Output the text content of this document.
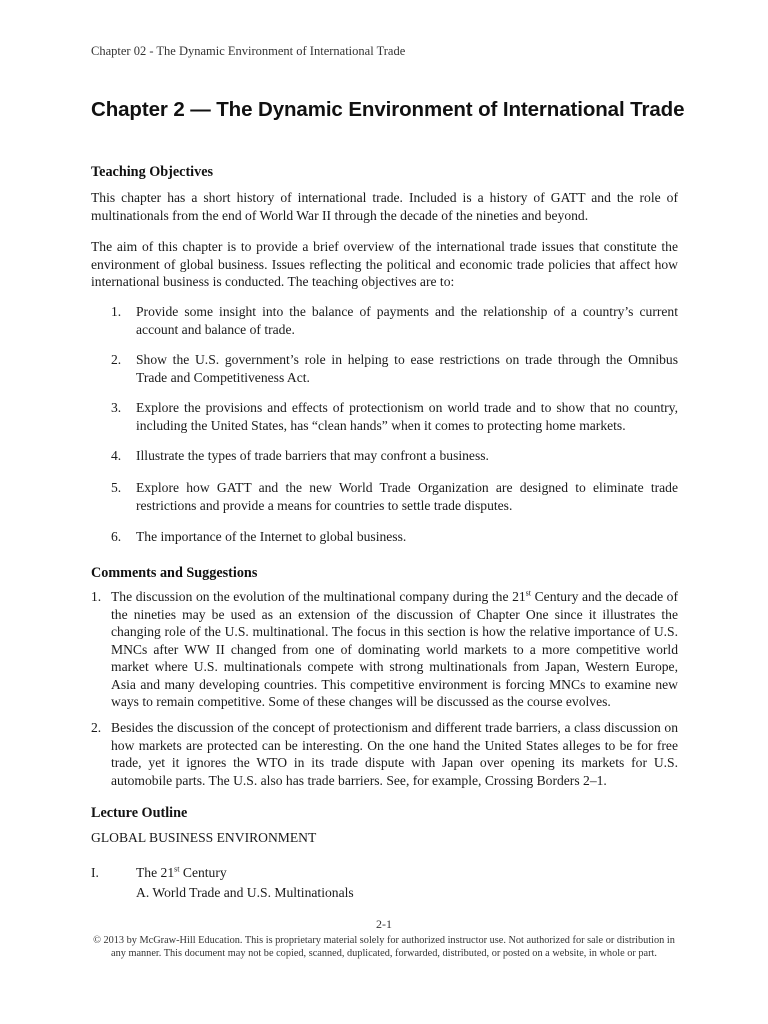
Chapter 02 - The Dynamic Environment of International Trade
Chapter 2 — The Dynamic Environment of International Trade
Teaching Objectives

This chapter has a short history of international trade. Included is a history of GATT and the role of multinationals from the end of World War II through the decade of the nineties and beyond.

The aim of this chapter is to provide a brief overview of the international trade issues that constitute the environment of global business. Issues reflecting the political and economic trade policies that affect how international business is conducted. The teaching objectives are to:

1. Provide some insight into the balance of payments and the relationship of a country’s current account and balance of trade.
2. Show the U.S. government’s role in helping to ease restrictions on trade through the Omnibus Trade and Competitiveness Act.
3. Explore the provisions and effects of protectionism on world trade and to show that no country, including the United States, has “clean hands” when it comes to protecting home markets.
4. Illustrate the types of trade barriers that may confront a business.
5. Explore how GATT and the new World Trade Organization are designed to eliminate trade restrictions and provide a means for countries to settle trade disputes.
6. The importance of the Internet to global business.
Comments and Suggestions
1. The discussion on the evolution of the multinational company during the 21st Century and the decade of the nineties may be used as an extension of the discussion of Chapter One since it illustrates the changing role of the U.S. multinational. The focus in this section is how the relative importance of U.S. MNCs after WW II changed from one of dominating world markets to a more competitive world market where U.S. multinationals compete with strong multinationals from Japan, Western Europe, Asia and many developing countries. This competitive environment is forcing MNCs to examine new ways to remain competitive. Some of these changes will be discussed as the course evolves.
2. Besides the discussion of the concept of protectionism and different trade barriers, a class discussion on how markets are protected can be interesting. On the one hand the United States alleges to be for free trade, yet it ignores the WTO in its trade dispute with Japan over opening its markets for U.S. automobile parts. The U.S. also has trade barriers. See, for example, Crossing Borders 2–1.
Lecture Outline
GLOBAL BUSINESS ENVIRONMENT
I.	The 21st Century
A. World Trade and U.S. Multinationals
2-1

© 2013 by McGraw-Hill Education. This is proprietary material solely for authorized instructor use. Not authorized for sale or distribution in any manner. This document may not be copied, scanned, duplicated, forwarded, distributed, or posted on a website, in whole or part.
